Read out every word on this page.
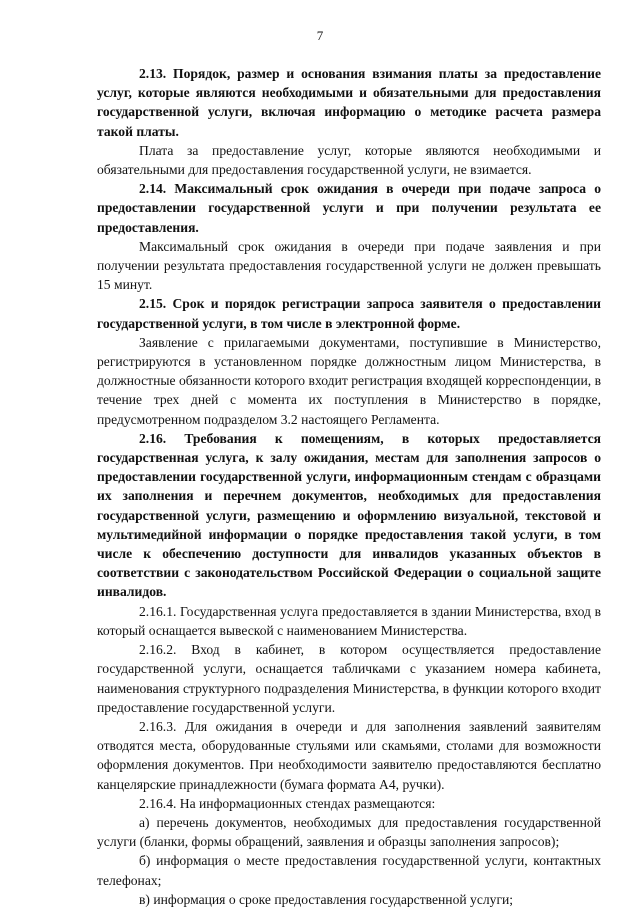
7

2.13. Порядок, размер и основания взимания платы за предоставление услуг, которые являются необходимыми и обязательными для предоставления государственной услуги, включая информацию о методике расчета размера такой платы.

Плата за предоставление услуг, которые являются необходимыми и обязательными для предоставления государственной услуги, не взимается.

2.14. Максимальный срок ожидания в очереди при подаче запроса о предоставлении государственной услуги и при получении результата ее предоставления.

Максимальный срок ожидания в очереди при подаче заявления и при получении результата предоставления государственной услуги не должен превышать 15 минут.

2.15. Срок и порядок регистрации запроса заявителя о предоставлении государственной услуги, в том числе в электронной форме.

Заявление с прилагаемыми документами, поступившие в Министерство, регистрируются в установленном порядке должностным лицом Министерства, в должностные обязанности которого входит регистрация входящей корреспонденции, в течение трех дней с момента их поступления в Министерство в порядке, предусмотренном подразделом 3.2 настоящего Регламента.

2.16. Требования к помещениям, в которых предоставляется государственная услуга, к залу ожидания, местам для заполнения запросов о предоставлении государственной услуги, информационным стендам с образцами их заполнения и перечнем документов, необходимых для предоставления государственной услуги, размещению и оформлению визуальной, текстовой и мультимедийной информации о порядке предоставления такой услуги, в том числе к обеспечению доступности для инвалидов указанных объектов в соответствии с законодательством Российской Федерации о социальной защите инвалидов.

2.16.1. Государственная услуга предоставляется в здании Министерства, вход в который оснащается вывеской с наименованием Министерства.

2.16.2. Вход в кабинет, в котором осуществляется предоставление государственной услуги, оснащается табличками с указанием номера кабинета, наименования структурного подразделения Министерства, в функции которого входит предоставление государственной услуги.

2.16.3. Для ожидания в очереди и для заполнения заявлений заявителям отводятся места, оборудованные стульями или скамьями, столами для возможности оформления документов. При необходимости заявителю предоставляются бесплатно канцелярские принадлежности (бумага формата А4, ручки).

2.16.4. На информационных стендах размещаются:

а) перечень документов, необходимых для предоставления государственной услуги (бланки, формы обращений, заявления и образцы заполнения запросов);

б) информация о месте предоставления государственной услуги, контактных телефонах;

в) информация о сроке предоставления государственной услуги;
